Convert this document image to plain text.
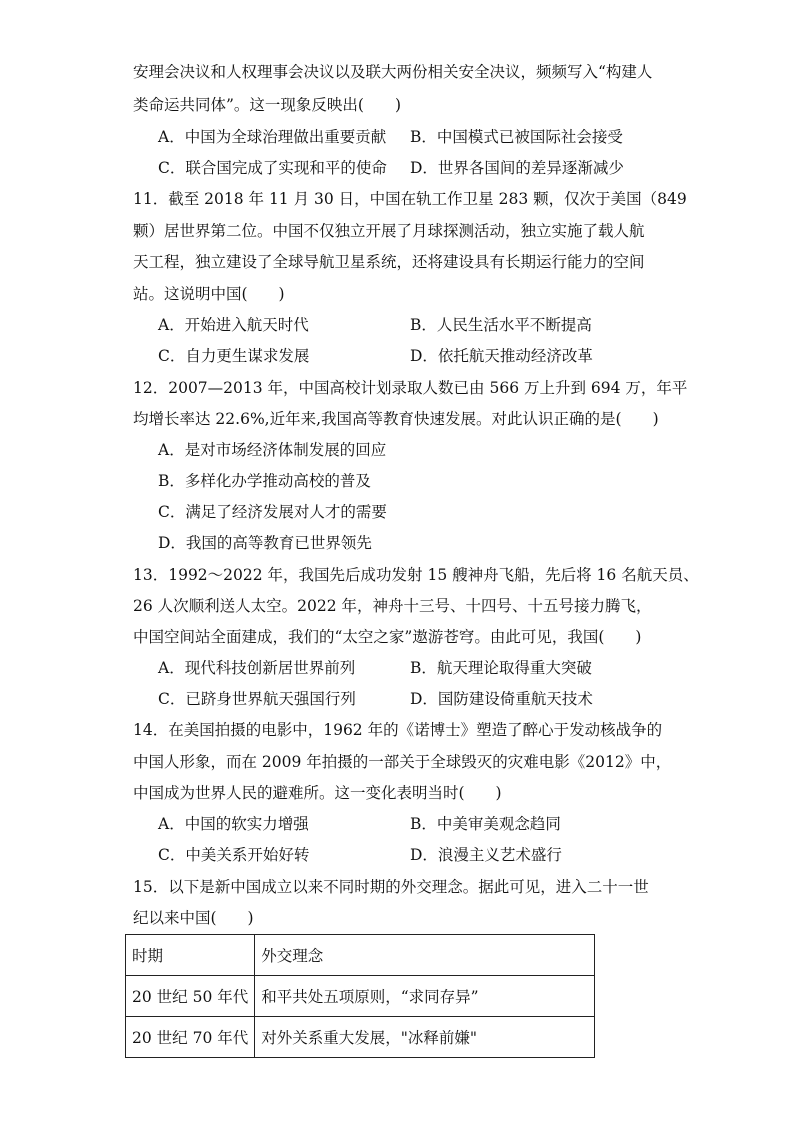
安理会决议和人权理事会决议以及联大两份相关安全决议，频频写入“构建人
类命运共同体”。这一现象反映出(　　)
A．中国为全球治理做出重要贡献 B．中国模式已被国际社会接受
C．联合国完成了实现和平的使命 D．世界各国间的差异逐渐减少
11．截至 2018 年 11 月 30 日，中国在轨工作卫星 283 颗，仅次于美国（849
颗）居世界第二位。中国不仅独立开展了月球探测活动，独立实施了载人航
天工程，独立建设了全球导航卫星系统，还将建设具有长期运行能力的空间
站。这说明中国(　　)
A．开始进入航天时代	B．人民生活水平不断提高
C．自力更生谋求发展	D．依托航天推动经济改革
12．2007—2013 年，中国高校计划录取人数已由 566 万上升到 694 万，年平
均增长率达 22.6%,近年来,我国高等教育快速发展。对此认识正确的是(　　)
A．是对市场经济体制发展的回应
B．多样化办学推动高校的普及
C．满足了经济发展对人才的需要
D．我国的高等教育已世界领先
13．1992～2022 年，我国先后成功发射 15 艘神舟飞船，先后将 16 名航天员、
26 人次顺利送人太空。2022 年，神舟十三号、十四号、十五号接力腾飞，
中国空间站全面建成，我们的“太空之家”遨游苍穹。由此可见，我国(　　)
A．现代科技创新居世界前列	B．航天理论取得重大突破
C．已跻身世界航天强国行列	D．国防建设倚重航天技术
14．在美国拍摄的电影中，1962 年的《诺博士》塑造了醉心于发动核战争的
中国人形象，而在 2009 年拍摄的一部关于全球毁灭的灾难电影《2012》中，
中国成为世界人民的避难所。这一变化表明当时(　　)
A．中国的软实力增强	B．中美审美观念趋同
C．中美关系开始好转	D．浪漫主义艺术盛行
15．以下是新中国成立以来不同时期的外交理念。据此可见，进入二十一世
纪以来中国(　　)
时期	外交理念
20 世纪 50 年代	和平共处五项原则，“求同存异”
20 世纪 70 年代	对外关系重大发展，"冰释前嫌"
